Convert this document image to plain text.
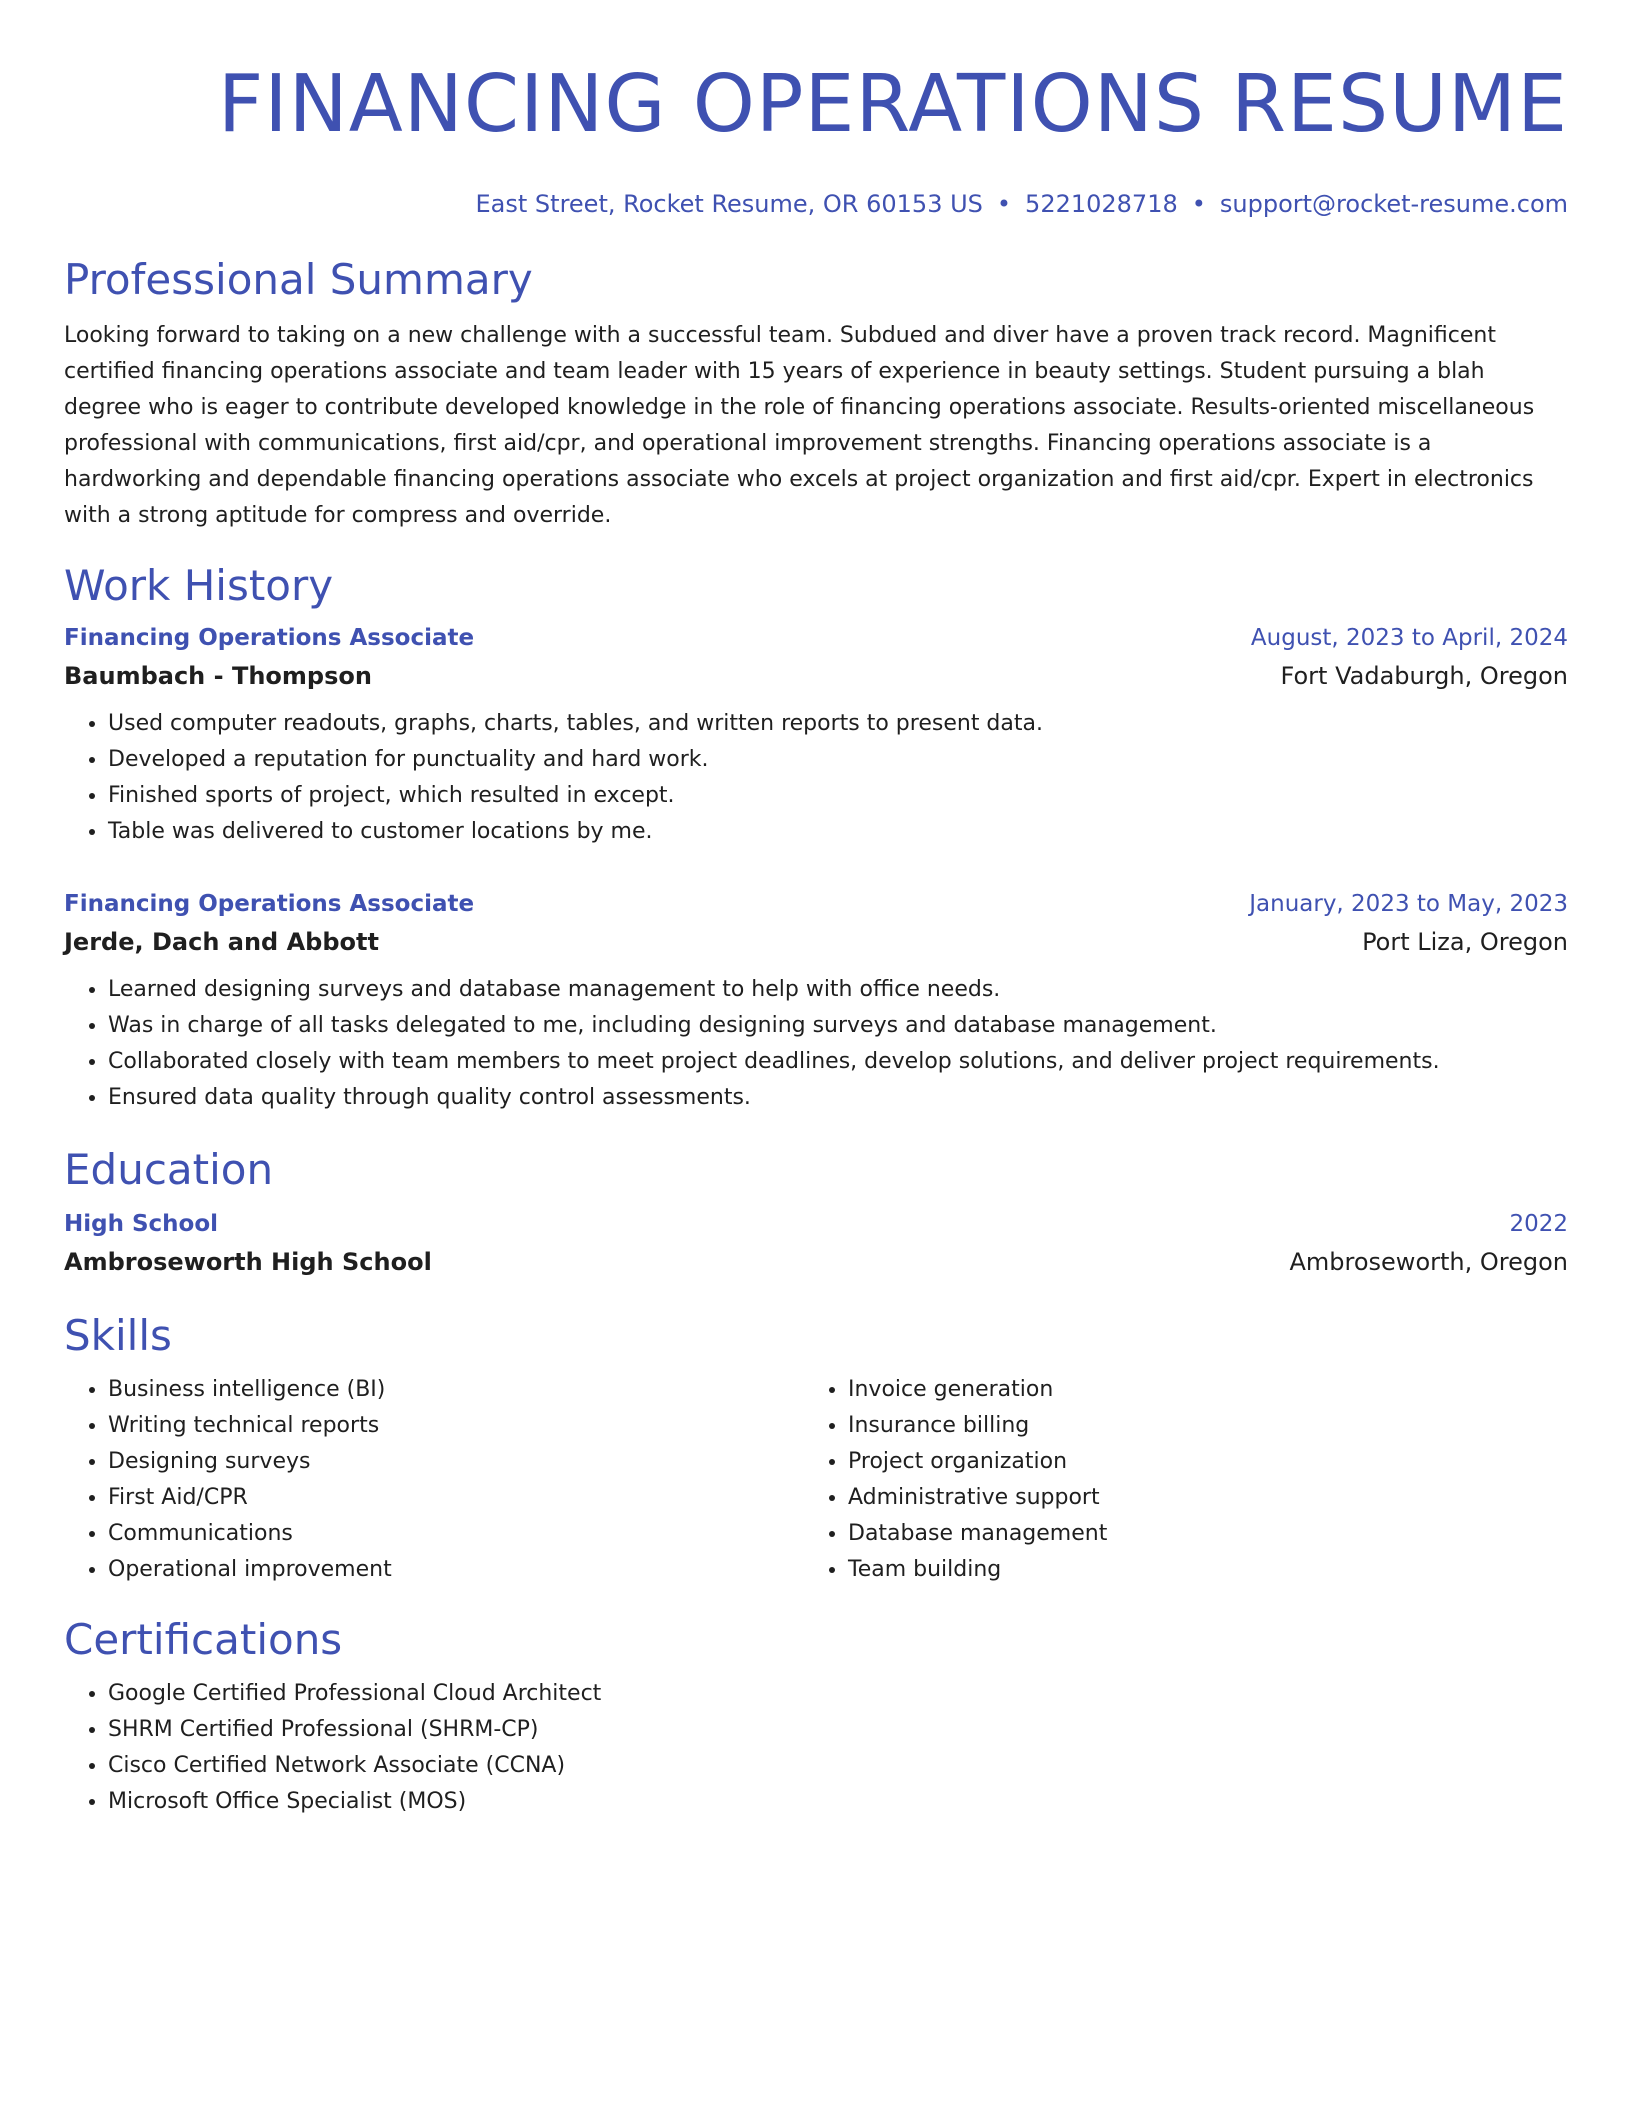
FINANCING OPERATIONS RESUME
East Street, Rocket Resume, OR 60153 US • 5221028718 • support@rocket-resume.com
Professional Summary

Looking forward to taking on a new challenge with a successful team. Subdued and diver have a proven track record. Magnificent certified financing operations associate and team leader with 15 years of experience in beauty settings. Student pursuing a blah degree who is eager to contribute developed knowledge in the role of financing operations associate. Results-oriented miscellaneous professional with communications, first aid/cpr, and operational improvement strengths. Financing operations associate is a hardworking and dependable financing operations associate who excels at project organization and first aid/cpr. Expert in electronics with a strong aptitude for compress and override.

Work History
Financing Operations Associate	August, 2023 to April, 2024
Baumbach - Thompson	Fort Vadaburgh, Oregon
• Used computer readouts, graphs, charts, tables, and written reports to present data.
• Developed a reputation for punctuality and hard work.
• Finished sports of project, which resulted in except.
• Table was delivered to customer locations by me.
Financing Operations Associate	January, 2023 to May, 2023
Jerde, Dach and Abbott	Port Liza, Oregon
• Learned designing surveys and database management to help with office needs.
• Was in charge of all tasks delegated to me, including designing surveys and database management.
• Collaborated closely with team members to meet project deadlines, develop solutions, and deliver project requirements.
• Ensured data quality through quality control assessments.
Education
High School	2022
Ambroseworth High School	Ambroseworth, Oregon
Skills
• Business intelligence (BI)
• Writing technical reports
• Designing surveys
• First Aid/CPR
• Communications
• Operational improvement
• Invoice generation
• Insurance billing
• Project organization
• Administrative support
• Database management
• Team building
Certifications
• Google Certified Professional Cloud Architect
• SHRM Certified Professional (SHRM-CP)
• Cisco Certified Network Associate (CCNA)
• Microsoft Office Specialist (MOS)
